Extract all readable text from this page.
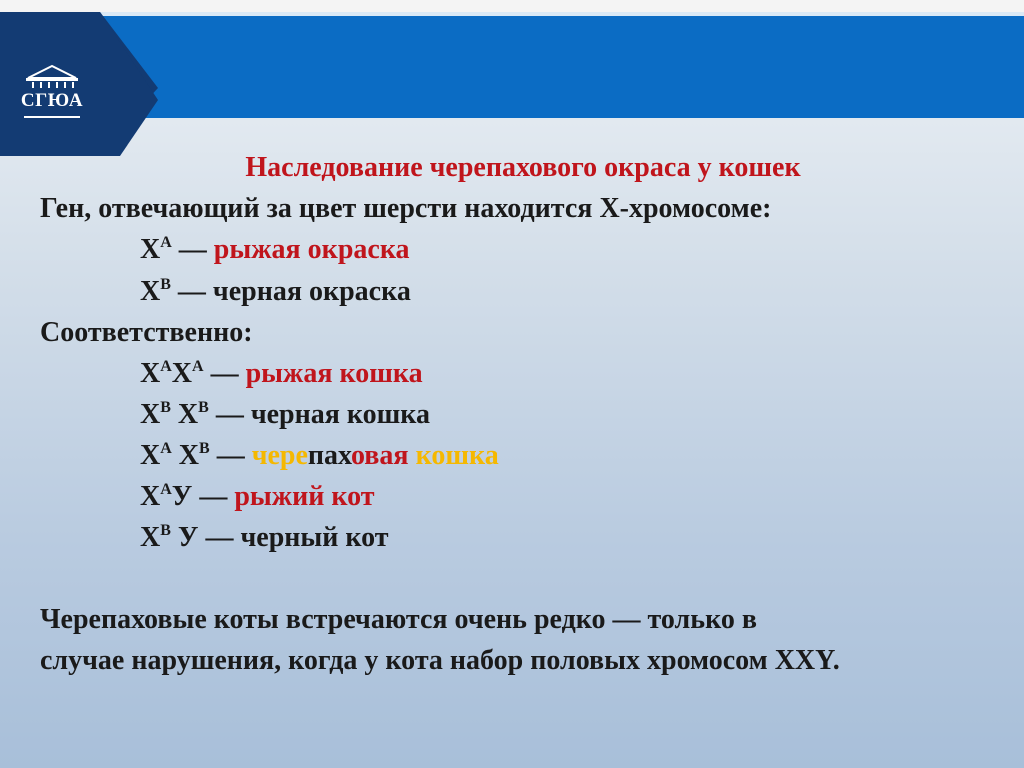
СГЮА
Наследование черепахового окраса у кошек
Ген, отвечающий за цвет шерсти находится X-хромосоме:
$X^A$ — рыжая окраска
$X^B$ — черная окраска
Соответственно:
$X^AX^A$ — рыжая кошка
$X^B$ $X^B$ — черная кошка
$X^A$ $X^B$ — черепаховая кошка
$X^AУ$ — рыжий кот
$X^B$ У — черный кот
Черепаховые коты встречаются очень редко — только в
случае нарушения, когда у кота набор половых хромосом XXY.
